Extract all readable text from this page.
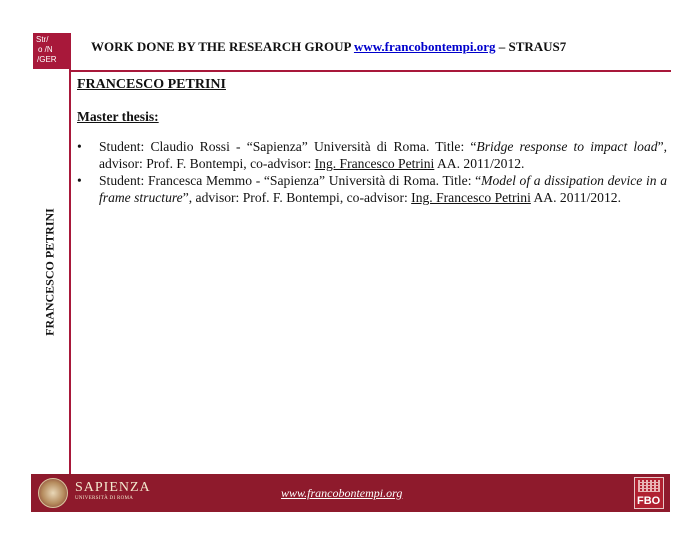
Str/
o /N
/GER
WORK DONE BY THE RESEARCH GROUP www.francobontempi.org – STRAUS7
FRANCESCO PETRINI

FRANCESCO PETRINI

Master thesis:

• Student: Claudio Rossi - “Sapienza” Università di Roma. Title: “Bridge response to impact load”, advisor: Prof. F. Bontempi, co-advisor: Ing. Francesco Petrini AA. 2011/2012.
• Student: Francesca Memmo - “Sapienza” Università di Roma. Title: “Model of a dissipation device in a frame structure”, advisor: Prof. F. Bontempi, co-advisor: Ing. Francesco Petrini AA. 2011/2012.
SAPIENZA
UNIVERSITÀ DI ROMA	www.francobontempi.org
FBO
